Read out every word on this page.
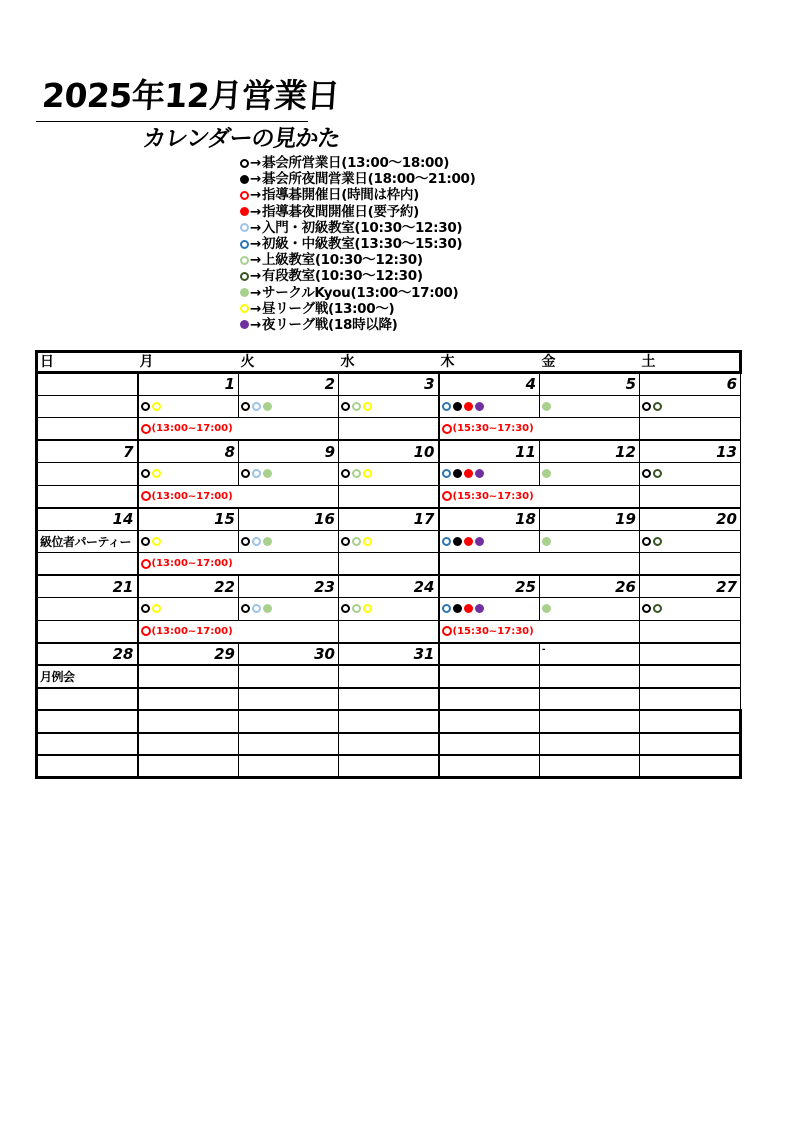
2025年12月営業日
カレンダーの見かた
→ 碁会所営業日(13:00～18:00)
→ 碁会所夜間営業日(18:00～21:00)
→ 指導碁開催日(時間は枠内)
→ 指導碁夜間開催日(要予約)
→ 入門・初級教室(10:30～12:30)
→ 初級・中級教室(13:30～15:30)
→ 上級教室(10:30～12:30)
→ 有段教室(10:30～12:30)
→ サークルKyou(13:00～17:00)
→ 昼リーグ戦(13:00～)
→ 夜リーグ戦(18時以降)
日	月	火	水	木	金	土
	1	2	3	4	5	6

	(13:00~17:00)			(15:30~17:30)		

7	8	9	10	11	12	13

	(13:00~17:00)			(15:30~17:30)		

14	15	16	17	18	19	20
級位者パーティー	

	(13:00~17:00)					

21	22	23	24	25	26	27

	(13:00~17:00)			(15:30~17:30)		

28	29	30	31		-	
月例会						
